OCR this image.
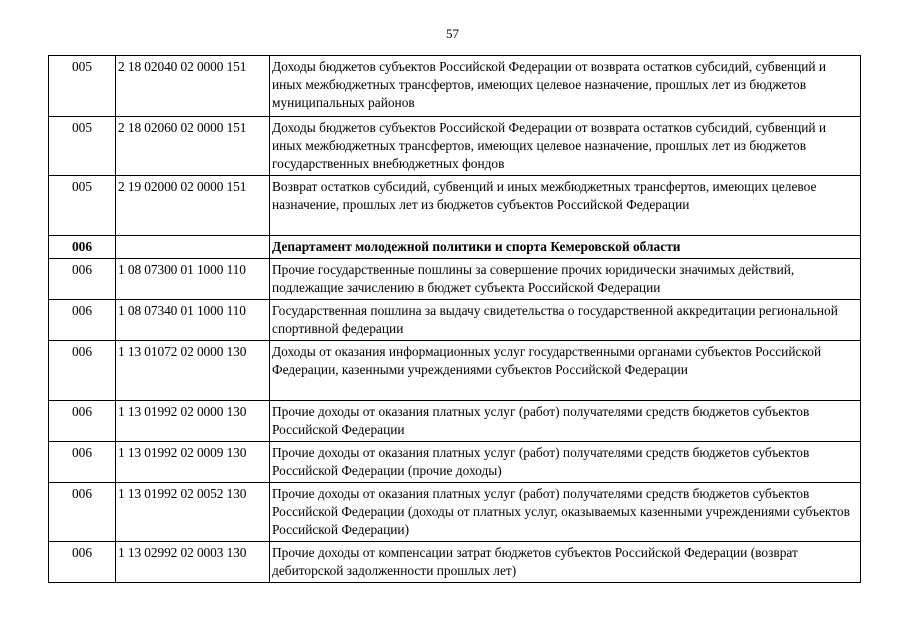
57
005	2 18 02040 02 0000 151	Доходы бюджетов субъектов Российской Федерации от возврата остатков субсидий, субвенций и иных межбюджетных трансфертов, имеющих целевое назначение, прошлых лет из бюджетов муниципальных районов
005	2 18 02060 02 0000 151	Доходы бюджетов субъектов Российской Федерации от возврата остатков субсидий, субвенций и иных межбюджетных трансфертов, имеющих целевое назначение, прошлых лет из бюджетов государственных внебюджетных фондов
005	2 19 02000 02 0000 151	Возврат остатков субсидий, субвенций и иных межбюджетных трансфертов, имеющих целевое назначение, прошлых лет из бюджетов субъектов Российской Федерации
006		Департамент молодежной политики и спорта Кемеровской области
006	1 08 07300 01 1000 110	Прочие государственные пошлины за совершение прочих юридически значимых действий, подлежащие зачислению в бюджет субъекта Российской Федерации
006	1 08 07340 01 1000 110	Государственная пошлина за выдачу свидетельства о государственной аккредитации региональной спортивной федерации
006	1 13 01072 02 0000 130	Доходы от оказания информационных услуг государственными органами субъектов Российской Федерации, казенными учреждениями субъектов Российской Федерации
006	1 13 01992 02 0000 130	Прочие доходы от оказания платных услуг (работ) получателями средств бюджетов субъектов Российской Федерации
006	1 13 01992 02 0009 130	Прочие доходы от оказания платных услуг (работ) получателями средств бюджетов субъектов Российской Федерации (прочие доходы)
006	1 13 01992 02 0052 130	Прочие доходы от оказания платных услуг (работ) получателями средств бюджетов субъектов Российской Федерации (доходы от платных услуг, оказываемых казенными учреждениями субъектов Российской Федерации)
006	1 13 02992 02 0003 130	Прочие доходы от компенсации затрат бюджетов субъектов Российской Федерации (возврат дебиторской задолженности прошлых лет)
